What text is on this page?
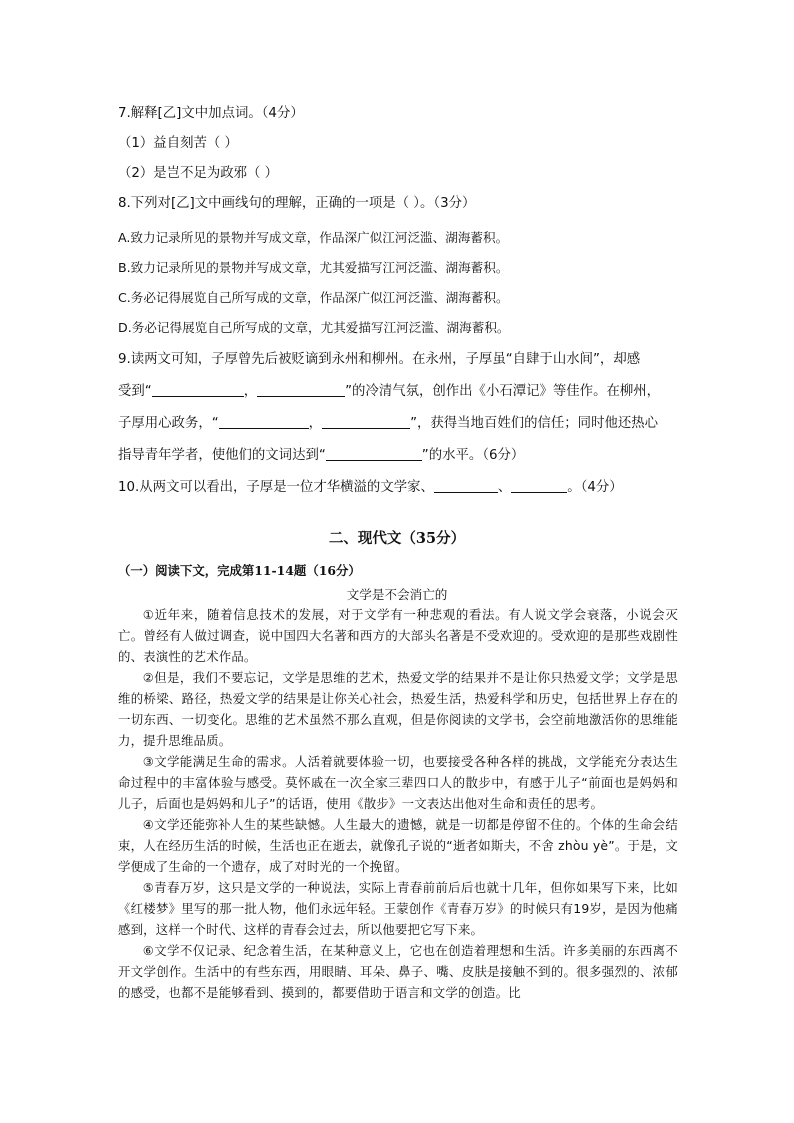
7.解释[乙]文中加点词。（4分）
（1）益自刻苦（ ）
（2）是岂不足为政邪（ ）
8.下列对[乙]文中画线句的理解，正确的一项是（ ）。（3分）
A.致力记录所见的景物并写成文章，作品深广似江河泛滥、湖海蓄积。
B.致力记录所见的景物并写成文章，尤其爱描写江河泛滥、湖海蓄积。
C.务必记得展览自己所写成的文章，作品深广似江河泛滥、湖海蓄积。
D.务必记得展览自己所写成的文章，尤其爱描写江河泛滥、湖海蓄积。
9.读两文可知，子厚曾先后被贬谪到永州和柳州。在永州，子厚虽“自肆于山水间”，却感
受到“	，	”的冷清气氛，创作出《小石潭记》等佳作。在柳州，
子厚用心政务，“	，	”，获得当地百姓们的信任；同时他还热心
指导青年学者，使他们的文词达到“	”的水平。（6分）
10.从两文可以看出，子厚是一位才华横溢的文学家、	、	。（4分）
二、现代文（35分）
（一）阅读下文，完成第11-14题（16分）
文学是不会消亡的

①近年来，随着信息技术的发展，对于文学有一种悲观的看法。有人说文学会衰落，小说会灭亡。曾经有人做过调查，说中国四大名著和西方的大部头名著是不受欢迎的。受欢迎的是那些戏剧性的、表演性的艺术作品。

②但是，我们不要忘记，文学是思维的艺术，热爱文学的结果并不是让你只热爱文学；文学是思维的桥梁、路径，热爱文学的结果是让你关心社会，热爱生活，热爱科学和历史，包括世界上存在的一切东西、一切变化。思维的艺术虽然不那么直观，但是你阅读的文学书，会空前地激活你的思维能力，提升思维品质。

③文学能满足生命的需求。人活着就要体验一切，也要接受各种各样的挑战，文学能充分表达生命过程中的丰富体验与感受。莫怀戚在一次全家三辈四口人的散步中，有感于儿子“前面也是妈妈和儿子，后面也是妈妈和儿子”的话语，使用《散步》一文表达出他对生命和责任的思考。

④文学还能弥补人生的某些缺憾。人生最大的遗憾，就是一切都是停留不住的。个体的生命会结束，人在经历生活的时候，生活也正在逝去，就像孔子说的“逝者如斯夫，不舍 zhòu yè”。于是，文学便成了生命的一个遗存，成了对时光的一个挽留。

⑤青春万岁，这只是文学的一种说法，实际上青春前前后后也就十几年，但你如果写下来，比如《红楼梦》里写的那一批人物，他们永远年轻。王蒙创作《青春万岁》的时候只有19岁，是因为他痛感到，这样一个时代、这样的青春会过去，所以他要把它写下来。

⑥文学不仅记录、纪念着生活，在某种意义上，它也在创造着理想和生活。许多美丽的东西离不开文学创作。生活中的有些东西，用眼睛、耳朵、鼻子、嘴、皮肤是接触不到的。很多强烈的、浓郁的感受，也都不是能够看到、摸到的，都要借助于语言和文学的创造。比
